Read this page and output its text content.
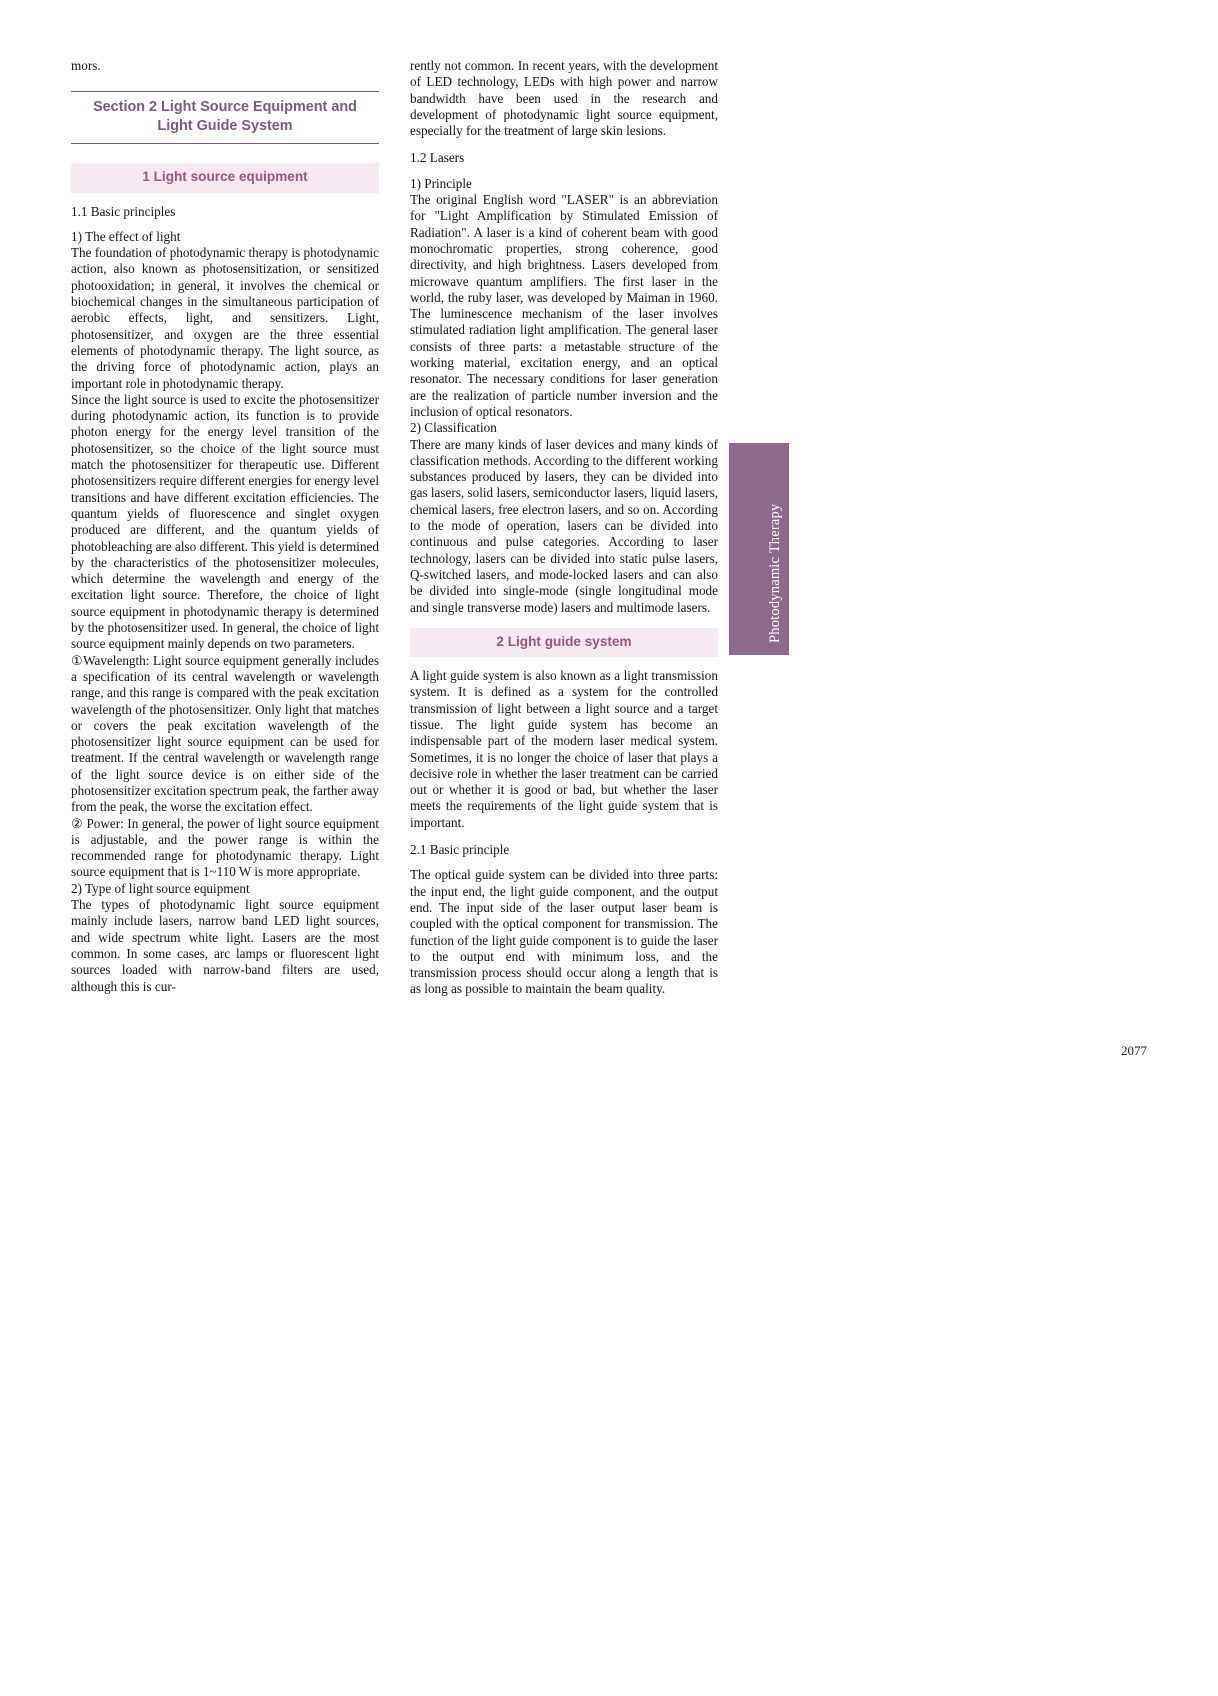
mors.

Section 2 Light Source Equipment and
Light Guide System
1 Light source equipment

1.1 Basic principles

1) The effect of light

The foundation of photodynamic therapy is photodynamic action, also known as photosensitization, or sensitized photooxidation; in general, it involves the chemical or biochemical changes in the simultaneous participation of aerobic effects, light, and sensitizers. Light, photosensitizer, and oxygen are the three essential elements of photodynamic therapy. The light source, as the driving force of photodynamic action, plays an important role in photodynamic therapy.

Since the light source is used to excite the photosensitizer during photodynamic action, its function is to provide photon energy for the energy level transition of the photosensitizer, so the choice of the light source must match the photosensitizer for therapeutic use. Different photosensitizers require different energies for energy level transitions and have different excitation efficiencies. The quantum yields of fluorescence and singlet oxygen produced are different, and the quantum yields of photobleaching are also different. This yield is determined by the characteristics of the photosensitizer molecules, which determine the wavelength and energy of the excitation light source. Therefore, the choice of light source equipment in photodynamic therapy is determined by the photosensitizer used. In general, the choice of light source equipment mainly depends on two parameters.

①Wavelength: Light source equipment generally includes a specification of its central wavelength or wavelength range, and this range is compared with the peak excitation wavelength of the photosensitizer. Only light that matches or covers the peak excitation wavelength of the photosensitizer light source equipment can be used for treatment. If the central wavelength or wavelength range of the light source device is on either side of the photosensitizer excitation spectrum peak, the farther away from the peak, the worse the excitation effect.

② Power: In general, the power of light source equipment is adjustable, and the power range is within the recommended range for photodynamic therapy. Light source equipment that is 1~110 W is more appropriate.

2) Type of light source equipment

The types of photodynamic light source equipment mainly include lasers, narrow band LED light sources, and wide spectrum white light. Lasers are the most common. In some cases, arc lamps or fluorescent light sources loaded with narrow-band filters are used, although this is cur-

rently not common. In recent years, with the development of LED technology, LEDs with high power and narrow bandwidth have been used in the research and development of photodynamic light source equipment, especially for the treatment of large skin lesions.

1.2 Lasers

1) Principle

The original English word "LASER" is an abbreviation for "Light Amplification by Stimulated Emission of Radiation". A laser is a kind of coherent beam with good monochromatic properties, strong coherence, good directivity, and high brightness. Lasers developed from microwave quantum amplifiers. The first laser in the world, the ruby laser, was developed by Maiman in 1960. The luminescence mechanism of the laser involves stimulated radiation light amplification. The general laser consists of three parts: a metastable structure of the working material, excitation energy, and an optical resonator. The necessary conditions for laser generation are the realization of particle number inversion and the inclusion of optical resonators.

2) Classification

There are many kinds of laser devices and many kinds of classification methods. According to the different working substances produced by lasers, they can be divided into gas lasers, solid lasers, semiconductor lasers, liquid lasers, chemical lasers, free electron lasers, and so on. According to the mode of operation, lasers can be divided into continuous and pulse categories. According to laser technology, lasers can be divided into static pulse lasers, Q-switched lasers, and mode-locked lasers and can also be divided into single-mode (single longitudinal mode and single transverse mode) lasers and multimode lasers.

2 Light guide system

A light guide system is also known as a light transmission system. It is defined as a system for the controlled transmission of light between a light source and a target tissue. The light guide system has become an indispensable part of the modern laser medical system. Sometimes, it is no longer the choice of laser that plays a decisive role in whether the laser treatment can be carried out or whether it is good or bad, but whether the laser meets the requirements of the light guide system that is important.

2.1 Basic principle

The optical guide system can be divided into three parts: the input end, the light guide component, and the output end. The input side of the laser output laser beam is coupled with the optical component for transmission. The function of the light guide component is to guide the laser to the output end with minimum loss, and the transmission process should occur along a length that is as long as possible to maintain the beam quality.

Photodynamic Therapy
2077
